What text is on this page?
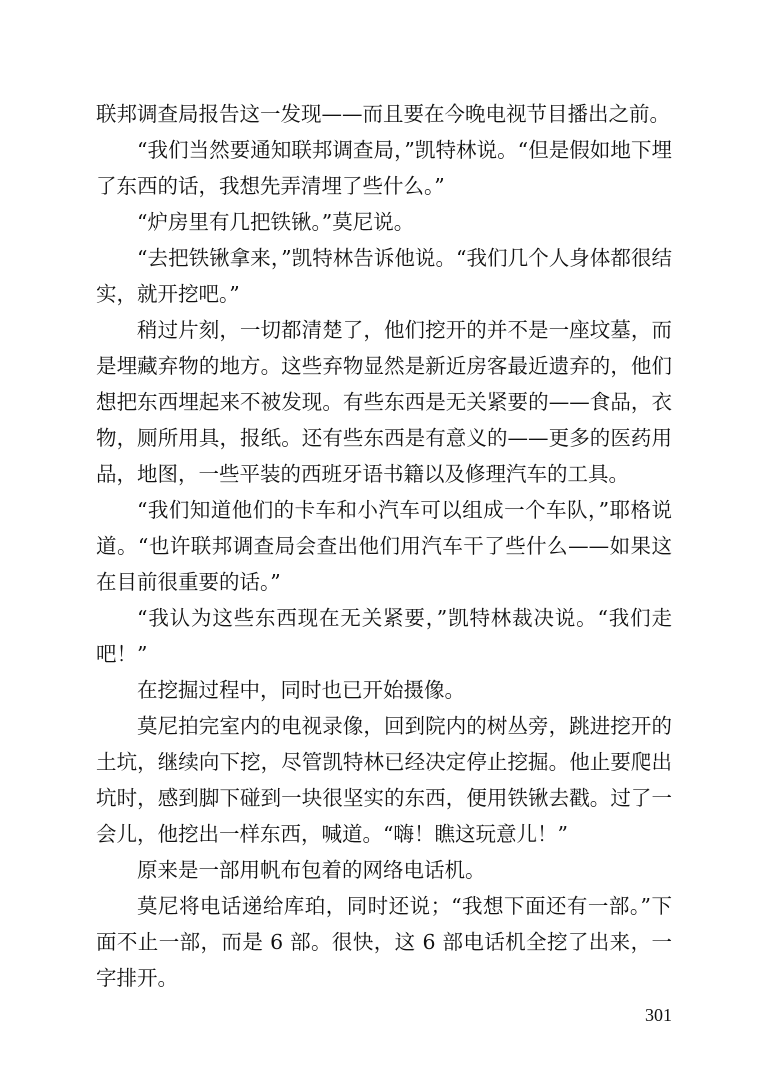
联邦调查局报告这一发现——而且要在今晚电视节目播出之前。

“我们当然要通知联邦调查局，”凯特林说。“但是假如地下埋了东西的话，我想先弄清埋了些什么。”

“炉房里有几把铁锹。”莫尼说。

“去把铁锹拿来，”凯特林告诉他说。“我们几个人身体都很结实，就开挖吧。”

稍过片刻，一切都清楚了，他们挖开的并不是一座坟墓，而是埋藏弃物的地方。这些弃物显然是新近房客最近遗弃的，他们想把东西埋起来不被发现。有些东西是无关紧要的——食品，衣物，厕所用具，报纸。还有些东西是有意义的——更多的医药用品，地图，一些平装的西班牙语书籍以及修理汽车的工具。

“我们知道他们的卡车和小汽车可以组成一个车队，”耶格说道。“也许联邦调查局会查出他们用汽车干了些什么——如果这在目前很重要的话。”

“我认为这些东西现在无关紧要，”凯特林裁决说。“我们走吧！”

在挖掘过程中，同时也已开始摄像。

莫尼拍完室内的电视录像，回到院内的树丛旁，跳进挖开的土坑，继续向下挖，尽管凯特林已经决定停止挖掘。他止要爬出坑时，感到脚下碰到一块很坚实的东西，便用铁锹去戳。过了一会儿，他挖出一样东西，喊道。“嗨！瞧这玩意儿！”

原来是一部用帆布包着的网络电话机。

莫尼将电话递给库珀，同时还说；“我想下面还有一部。”下面不止一部，而是 6 部。很快，这 6 部电话机全挖了出来，一字排开。

301
